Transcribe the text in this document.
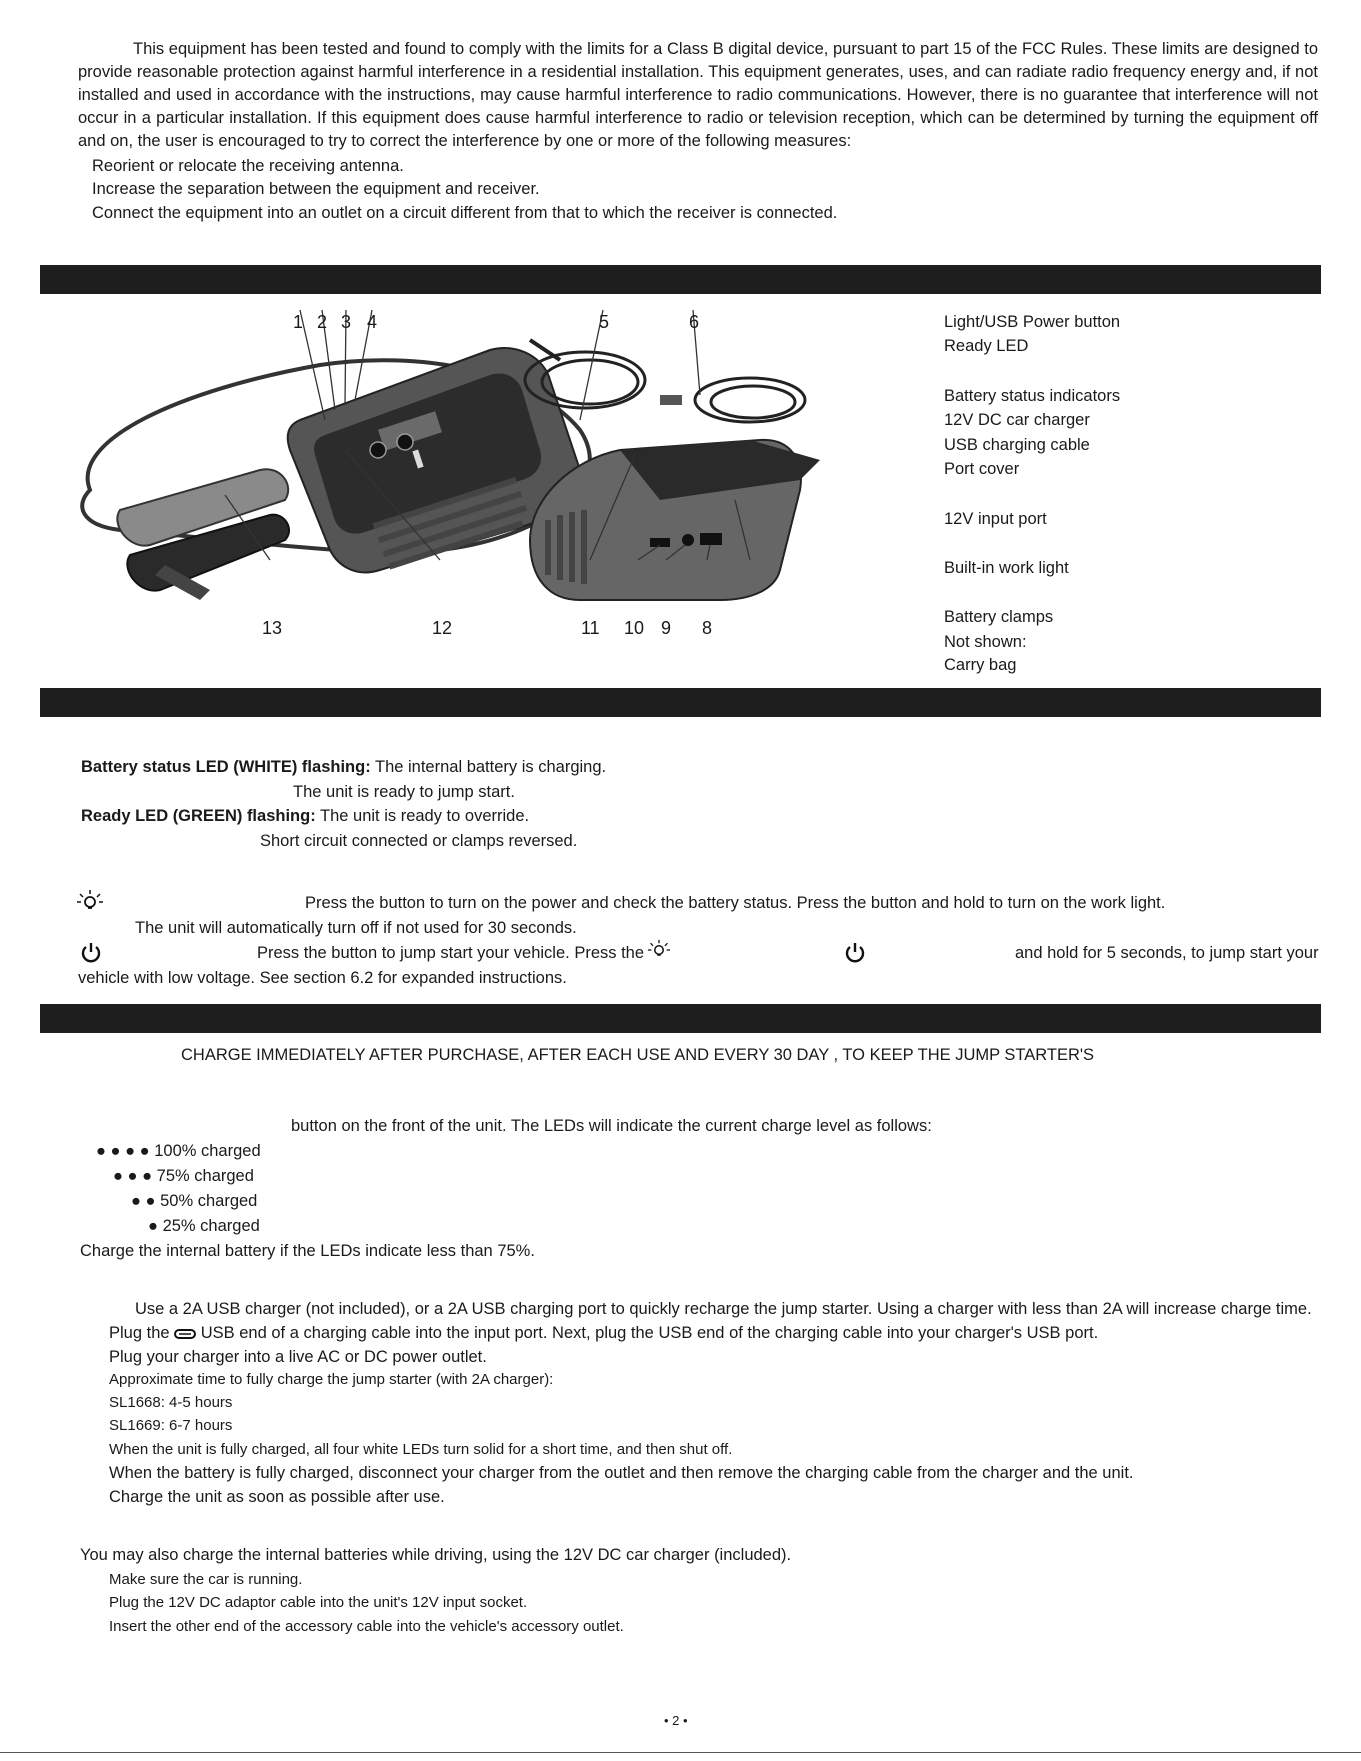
This equipment has been tested and found to comply with the limits for a Class B digital device, pursuant to part 15 of the FCC Rules. These limits are designed to provide reasonable protection against harmful interference in a residential installation. This equipment generates, uses, and can radiate radio frequency energy and, if not installed and used in accordance with the instructions, may cause harmful interference to radio communications. However, there is no guarantee that interference will not occur in a particular installation. If this equipment does cause harmful interference to radio or television reception, which can be determined by turning the equipment off and on, the user is encouraged to try to correct the interference by one or more of the following measures:

Reorient or relocate the receiving antenna.
Increase the separation between the equipment and receiver.
Connect the equipment into an outlet on a circuit different from that to which the receiver is connected.
1 2 3 4	5	6
13	12	11 10 9 8
Light/USB Power button
Ready LED
Battery status indicators
12V DC car charger
USB charging cable
Port cover
12V input port
Built-in work light
Battery clamps
Not shown:
Carry bag
Battery status LED (WHITE) flashing: The internal battery is charging.
The unit is ready to jump start.
Ready LED (GREEN) flashing: The unit is ready to override.
Short circuit connected or clamps reversed.
Press the button to turn on the power and check the battery status. Press the button and hold to turn on the work light.
The unit will automatically turn off if not used for 30 seconds.
Press the button to jump start your vehicle. Press the	and hold for 5 seconds, to jump start your
vehicle with low voltage. See section 6.2 for expanded instructions.
CHARGE IMMEDIATELY AFTER PURCHASE, AFTER EACH USE AND EVERY 30 DAY , TO KEEP THE JUMP STARTER'S
button on the front of the unit. The LEDs will indicate the current charge level as follows:
● ● ● ● 100% charged
● ● ● 75% charged
● ● 50% charged
● 25% charged
Charge the internal battery if the LEDs indicate less than 75%.
Use a 2A USB charger (not included), or a 2A USB charging port to quickly recharge the jump starter. Using a charger with less than 2A will increase charge time.
Plug the USB end of a charging cable into the input port. Next, plug the USB end of the charging cable into your charger's USB port.
Plug your charger into a live AC or DC power outlet.
Approximate time to fully charge the jump starter (with 2A charger):
SL1668: 4-5 hours
SL1669: 6-7 hours
When the unit is fully charged, all four white LEDs turn solid for a short time, and then shut off.
When the battery is fully charged, disconnect your charger from the outlet and then remove the charging cable from the charger and the unit.
Charge the unit as soon as possible after use.
You may also charge the internal batteries while driving, using the 12V DC car charger (included).
Make sure the car is running.
Plug the 12V DC adaptor cable into the unit's 12V input socket.
Insert the other end of the accessory cable into the vehicle's accessory outlet.
• 2 •
